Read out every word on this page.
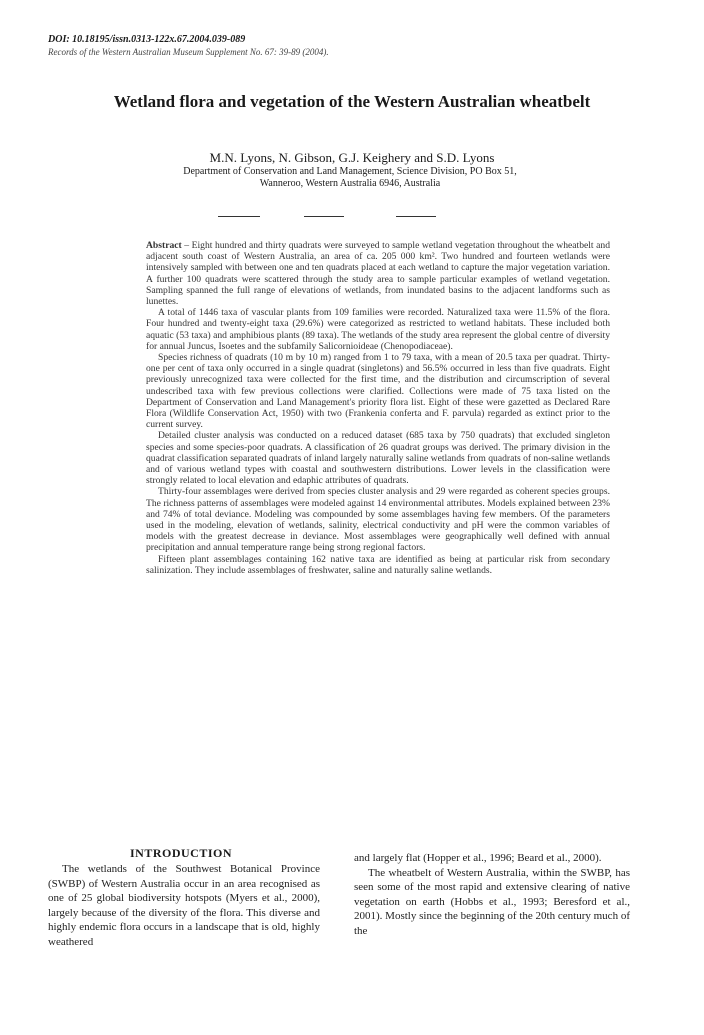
DOI: 10.18195/issn.0313-122x.67.2004.039-089
Records of the Western Australian Museum Supplement No. 67: 39-89 (2004).
Wetland flora and vegetation of the Western Australian wheatbelt
M.N. Lyons, N. Gibson, G.J. Keighery and S.D. Lyons
Department of Conservation and Land Management, Science Division, PO Box 51,
Wanneroo, Western Australia 6946, Australia

Abstract – Eight hundred and thirty quadrats were surveyed to sample wetland vegetation throughout the wheatbelt and adjacent south coast of Western Australia, an area of ca. 205 000 km². Two hundred and fourteen wetlands were intensively sampled with between one and ten quadrats placed at each wetland to capture the major vegetation variation. A further 100 quadrats were scattered through the study area to sample particular examples of wetland vegetation. Sampling spanned the full range of elevations of wetlands, from inundated basins to the adjacent landforms such as lunettes.

A total of 1446 taxa of vascular plants from 109 families were recorded. Naturalized taxa were 11.5% of the flora. Four hundred and twenty-eight taxa (29.6%) were categorized as restricted to wetland habitats. These included both aquatic (53 taxa) and amphibious plants (89 taxa). The wetlands of the study area represent the global centre of diversity for annual Juncus, Isoetes and the subfamily Salicornioideae (Chenopodiaceae).

Species richness of quadrats (10 m by 10 m) ranged from 1 to 79 taxa, with a mean of 20.5 taxa per quadrat. Thirty-one per cent of taxa only occurred in a single quadrat (singletons) and 56.5% occurred in less than five quadrats. Eight previously unrecognized taxa were collected for the first time, and the distribution and circumscription of several undescribed taxa with few previous collections were clarified. Collections were made of 75 taxa listed on the Department of Conservation and Land Management's priority flora list. Eight of these were gazetted as Declared Rare Flora (Wildlife Conservation Act, 1950) with two (Frankenia conferta and F. parvula) regarded as extinct prior to the current survey.

Detailed cluster analysis was conducted on a reduced dataset (685 taxa by 750 quadrats) that excluded singleton species and some species-poor quadrats. A classification of 26 quadrat groups was derived. The primary division in the quadrat classification separated quadrats of inland largely naturally saline wetlands from quadrats of non-saline wetlands and of various wetland types with coastal and southwestern distributions. Lower levels in the classification were strongly related to local elevation and edaphic attributes of quadrats.

Thirty-four assemblages were derived from species cluster analysis and 29 were regarded as coherent species groups. The richness patterns of assemblages were modeled against 14 environmental attributes. Models explained between 23% and 74% of total deviance. Modeling was compounded by some assemblages having few members. Of the parameters used in the modeling, elevation of wetlands, salinity, electrical conductivity and pH were the common variables of models with the greatest decrease in deviance. Most assemblages were geographically well defined with annual precipitation and annual temperature range being strong regional factors.

Fifteen plant assemblages containing 162 native taxa are identified as being at particular risk from secondary salinization. They include assemblages of freshwater, saline and naturally saline wetlands.

INTRODUCTION

The wetlands of the Southwest Botanical Province (SWBP) of Western Australia occur in an area recognised as one of 25 global biodiversity hotspots (Myers et al., 2000), largely because of the diversity of the flora. This diverse and highly endemic flora occurs in a landscape that is old, highly weathered

and largely flat (Hopper et al., 1996; Beard et al., 2000).

The wheatbelt of Western Australia, within the SWBP, has seen some of the most rapid and extensive clearing of native vegetation on earth (Hobbs et al., 1993; Beresford et al., 2001). Mostly since the beginning of the 20th century much of the
